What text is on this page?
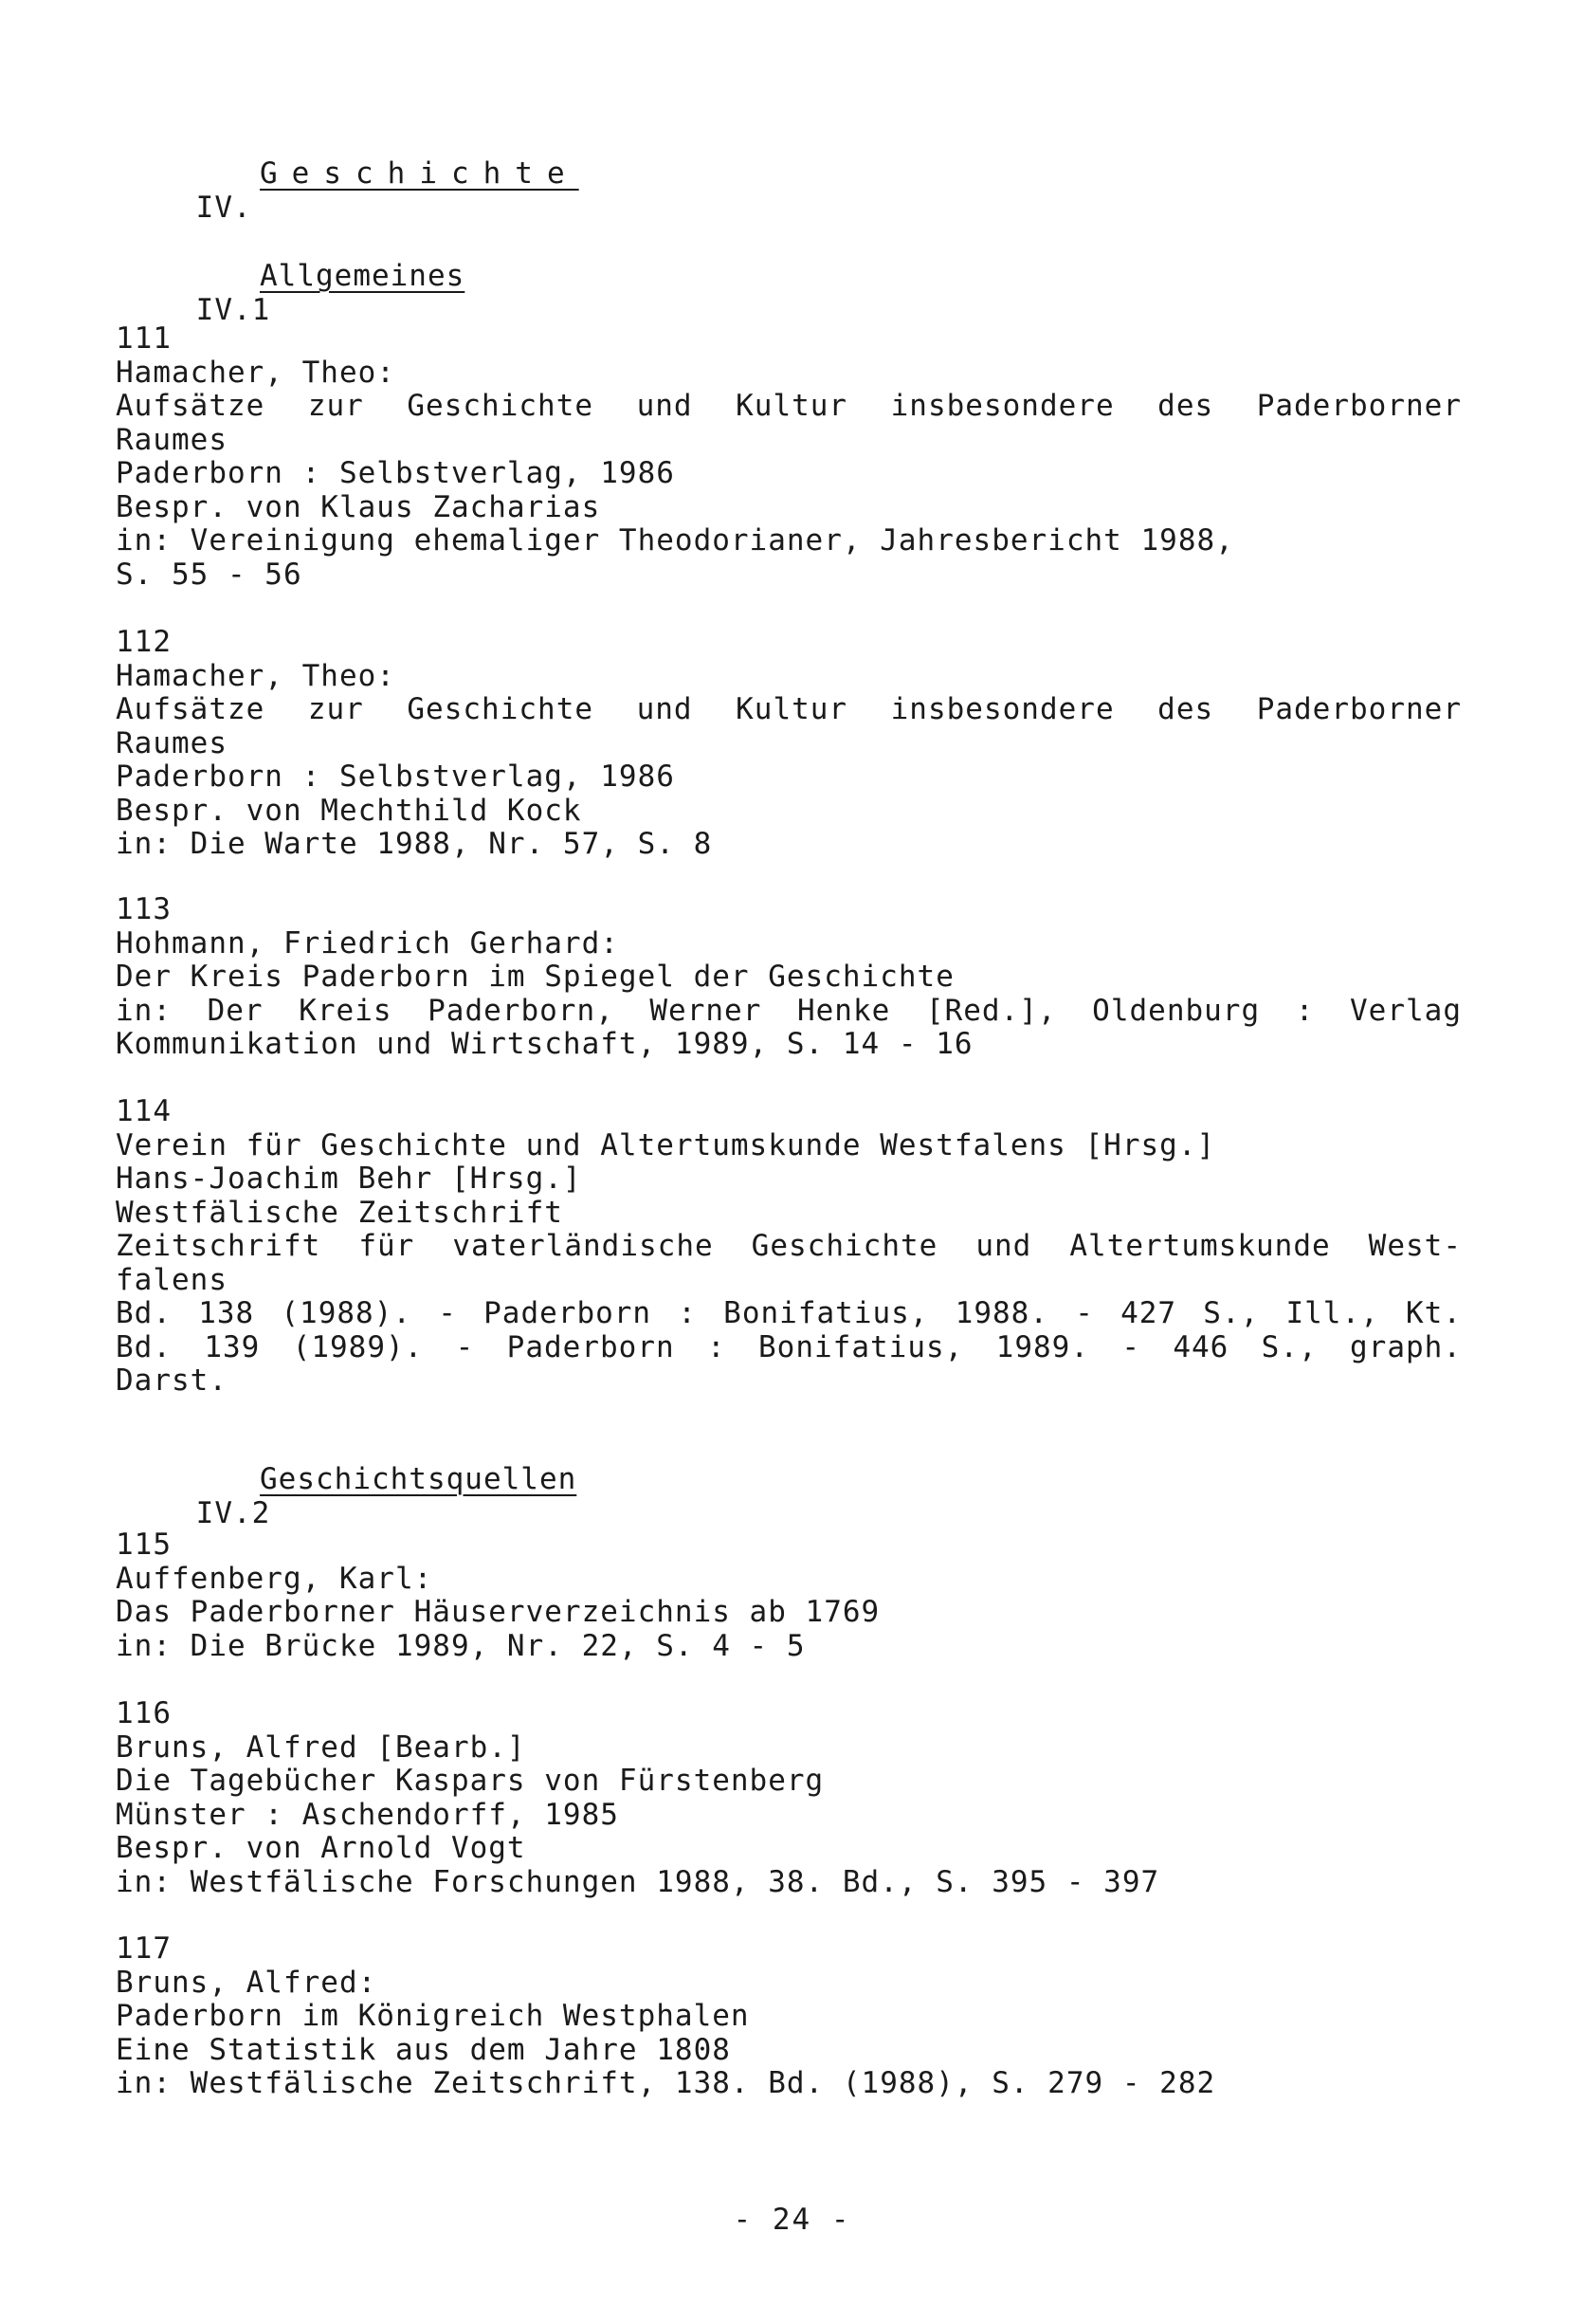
IV.

Geschichte

IV.1

Allgemeines

111
Hamacher, Theo:
Aufsätze zur Geschichte und Kultur insbesondere des Paderborner
Raumes
Paderborn : Selbstverlag, 1986
Bespr. von Klaus Zacharias
in: Vereinigung ehemaliger Theodorianer, Jahresbericht 1988,
S. 55 - 56
112
Hamacher, Theo:
Aufsätze zur Geschichte und Kultur insbesondere des Paderborner
Raumes
Paderborn : Selbstverlag, 1986
Bespr. von Mechthild Kock
in: Die Warte 1988, Nr. 57, S. 8
113
Hohmann, Friedrich Gerhard:
Der Kreis Paderborn im Spiegel der Geschichte
in: Der Kreis Paderborn, Werner Henke [Red.], Oldenburg : Verlag
Kommunikation und Wirtschaft, 1989, S. 14 - 16
114
Verein für Geschichte und Altertumskunde Westfalens [Hrsg.]
Hans-Joachim Behr [Hrsg.]
Westfälische Zeitschrift
Zeitschrift für vaterländische Geschichte und Altertumskunde West-
falens
Bd. 138 (1988). - Paderborn : Bonifatius, 1988. - 427 S., Ill., Kt.
Bd. 139 (1989). - Paderborn : Bonifatius, 1989. - 446 S., graph.
Darst.

IV.2

Geschichtsquellen

115
Auffenberg, Karl:
Das Paderborner Häuserverzeichnis ab 1769
in: Die Brücke 1989, Nr. 22, S. 4 - 5
116
Bruns, Alfred [Bearb.]
Die Tagebücher Kaspars von Fürstenberg
Münster : Aschendorff, 1985
Bespr. von Arnold Vogt
in: Westfälische Forschungen 1988, 38. Bd., S. 395 - 397
117
Bruns, Alfred:
Paderborn im Königreich Westphalen
Eine Statistik aus dem Jahre 1808
in: Westfälische Zeitschrift, 138. Bd. (1988), S. 279 - 282
- 24 -
